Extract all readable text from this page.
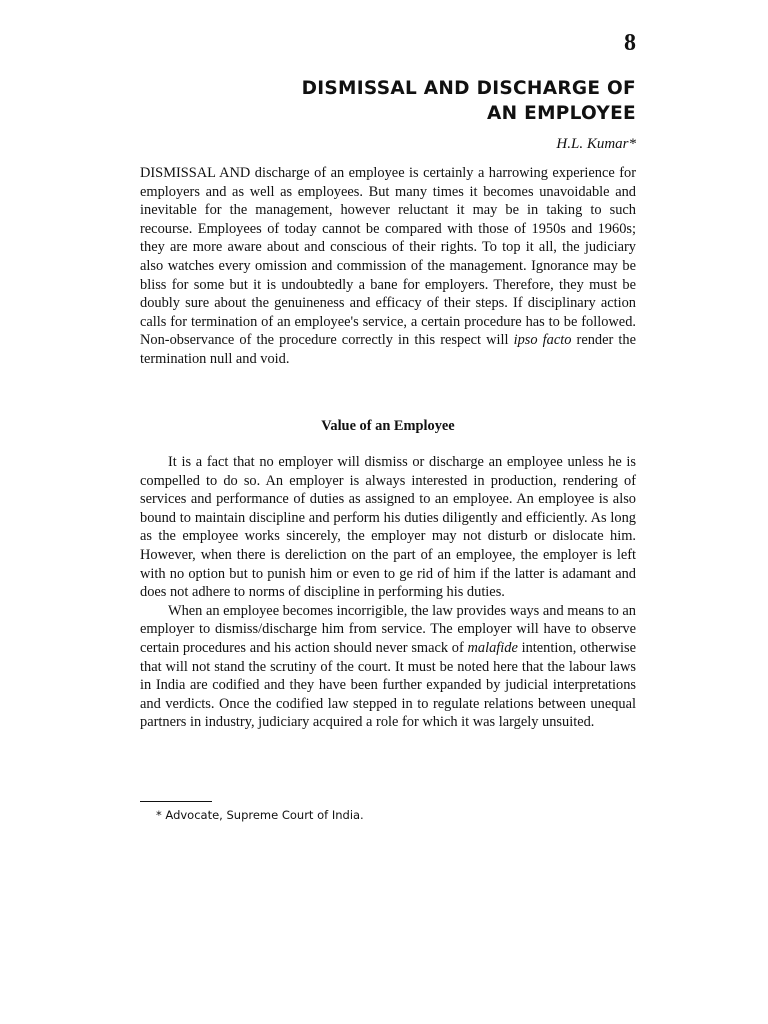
8
DISMISSAL AND DISCHARGE OF
AN EMPLOYEE

H.L. Kumar*

DISMISSAL AND discharge of an employee is certainly a harrowing experience for employers and as well as employees. But many times it becomes unavoidable and inevitable for the management, however reluctant it may be in taking to such recourse. Employees of today cannot be compared with those of 1950s and 1960s; they are more aware about and conscious of their rights. To top it all, the judiciary also watches every omission and commission of the management. Ignorance may be bliss for some but it is undoubtedly a bane for employers. Therefore, they must be doubly sure about the genuineness and efficacy of their steps. If disciplinary action calls for termination of an employee's service, a certain procedure has to be followed. Non-observance of the procedure correctly in this respect will ipso facto render the termination null and void.

Value of an Employee

It is a fact that no employer will dismiss or discharge an employee unless he is compelled to do so. An employer is always interested in production, rendering of services and performance of duties as assigned to an employee. An employee is also bound to maintain discipline and perform his duties diligently and efficiently. As long as the employee works sincerely, the employer may not disturb or dislocate him. However, when there is dereliction on the part of an employee, the employer is left with no option but to punish him or even to ge rid of him if the latter is adamant and does not adhere to norms of discipline in performing his duties.

When an employee becomes incorrigible, the law provides ways and means to an employer to dismiss/discharge him from service. The employer will have to observe certain procedures and his action should never smack of malafide intention, otherwise that will not stand the scrutiny of the court. It must be noted here that the labour laws in India are codified and they have been further expanded by judicial interpretations and verdicts. Once the codified law stepped in to regulate relations between unequal partners in industry, judiciary acquired a role for which it was largely unsuited.

* Advocate, Supreme Court of India.
